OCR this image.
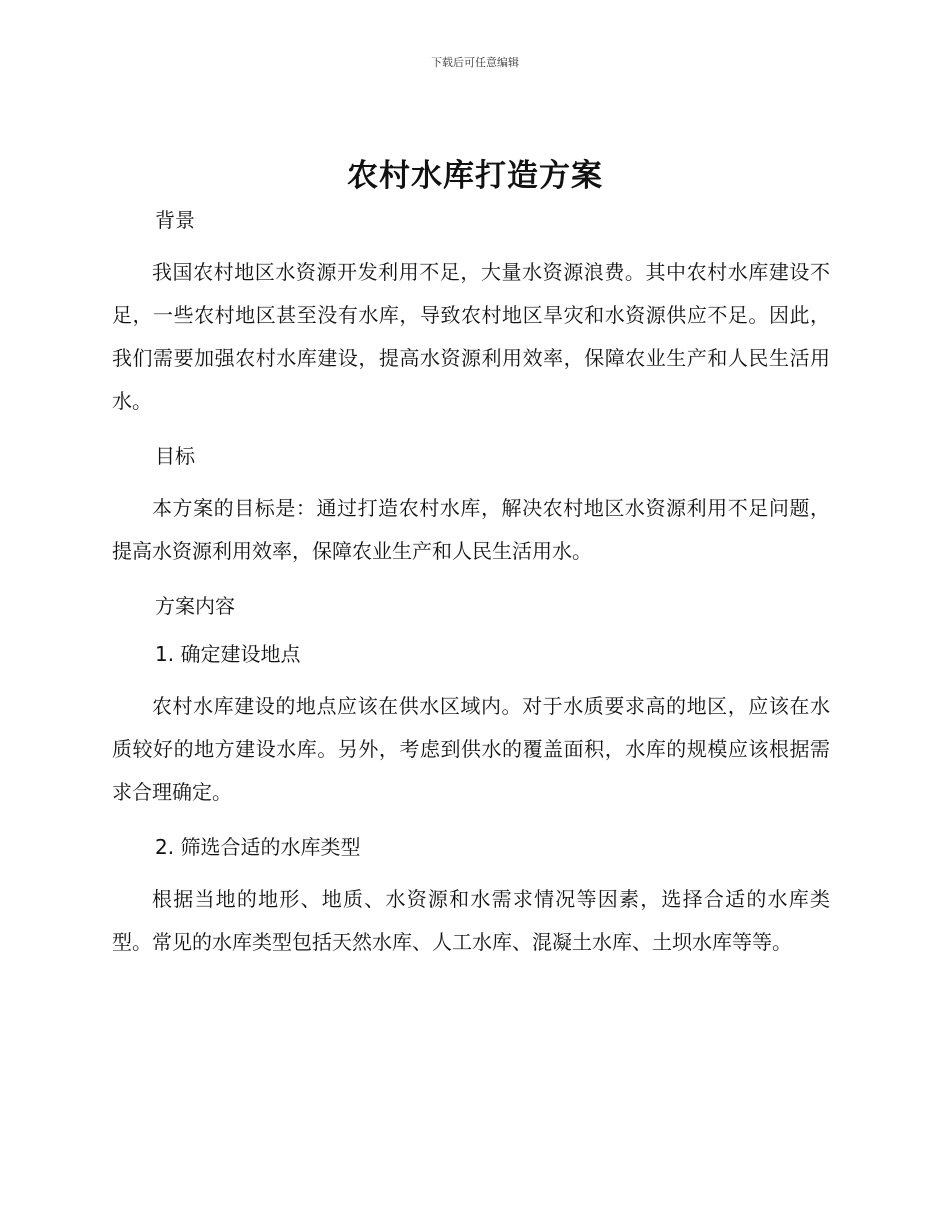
下载后可任意编辑
农村水库打造方案

背景

我国农村地区水资源开发利用不足，大量水资源浪费。其中农村水库建设不足，一些农村地区甚至没有水库，导致农村地区旱灾和水资源供应不足。因此，我们需要加强农村水库建设，提高水资源利用效率，保障农业生产和人民生活用水。

目标

本方案的目标是：通过打造农村水库，解决农村地区水资源利用不足问题，提高水资源利用效率，保障农业生产和人民生活用水。

方案内容

1. 确定建设地点

农村水库建设的地点应该在供水区域内。对于水质要求高的地区，应该在水质较好的地方建设水库。另外，考虑到供水的覆盖面积，水库的规模应该根据需求合理确定。

2. 筛选合适的水库类型

根据当地的地形、地质、水资源和水需求情况等因素，选择合适的水库类型。常见的水库类型包括天然水库、人工水库、混凝土水库、土坝水库等等。
